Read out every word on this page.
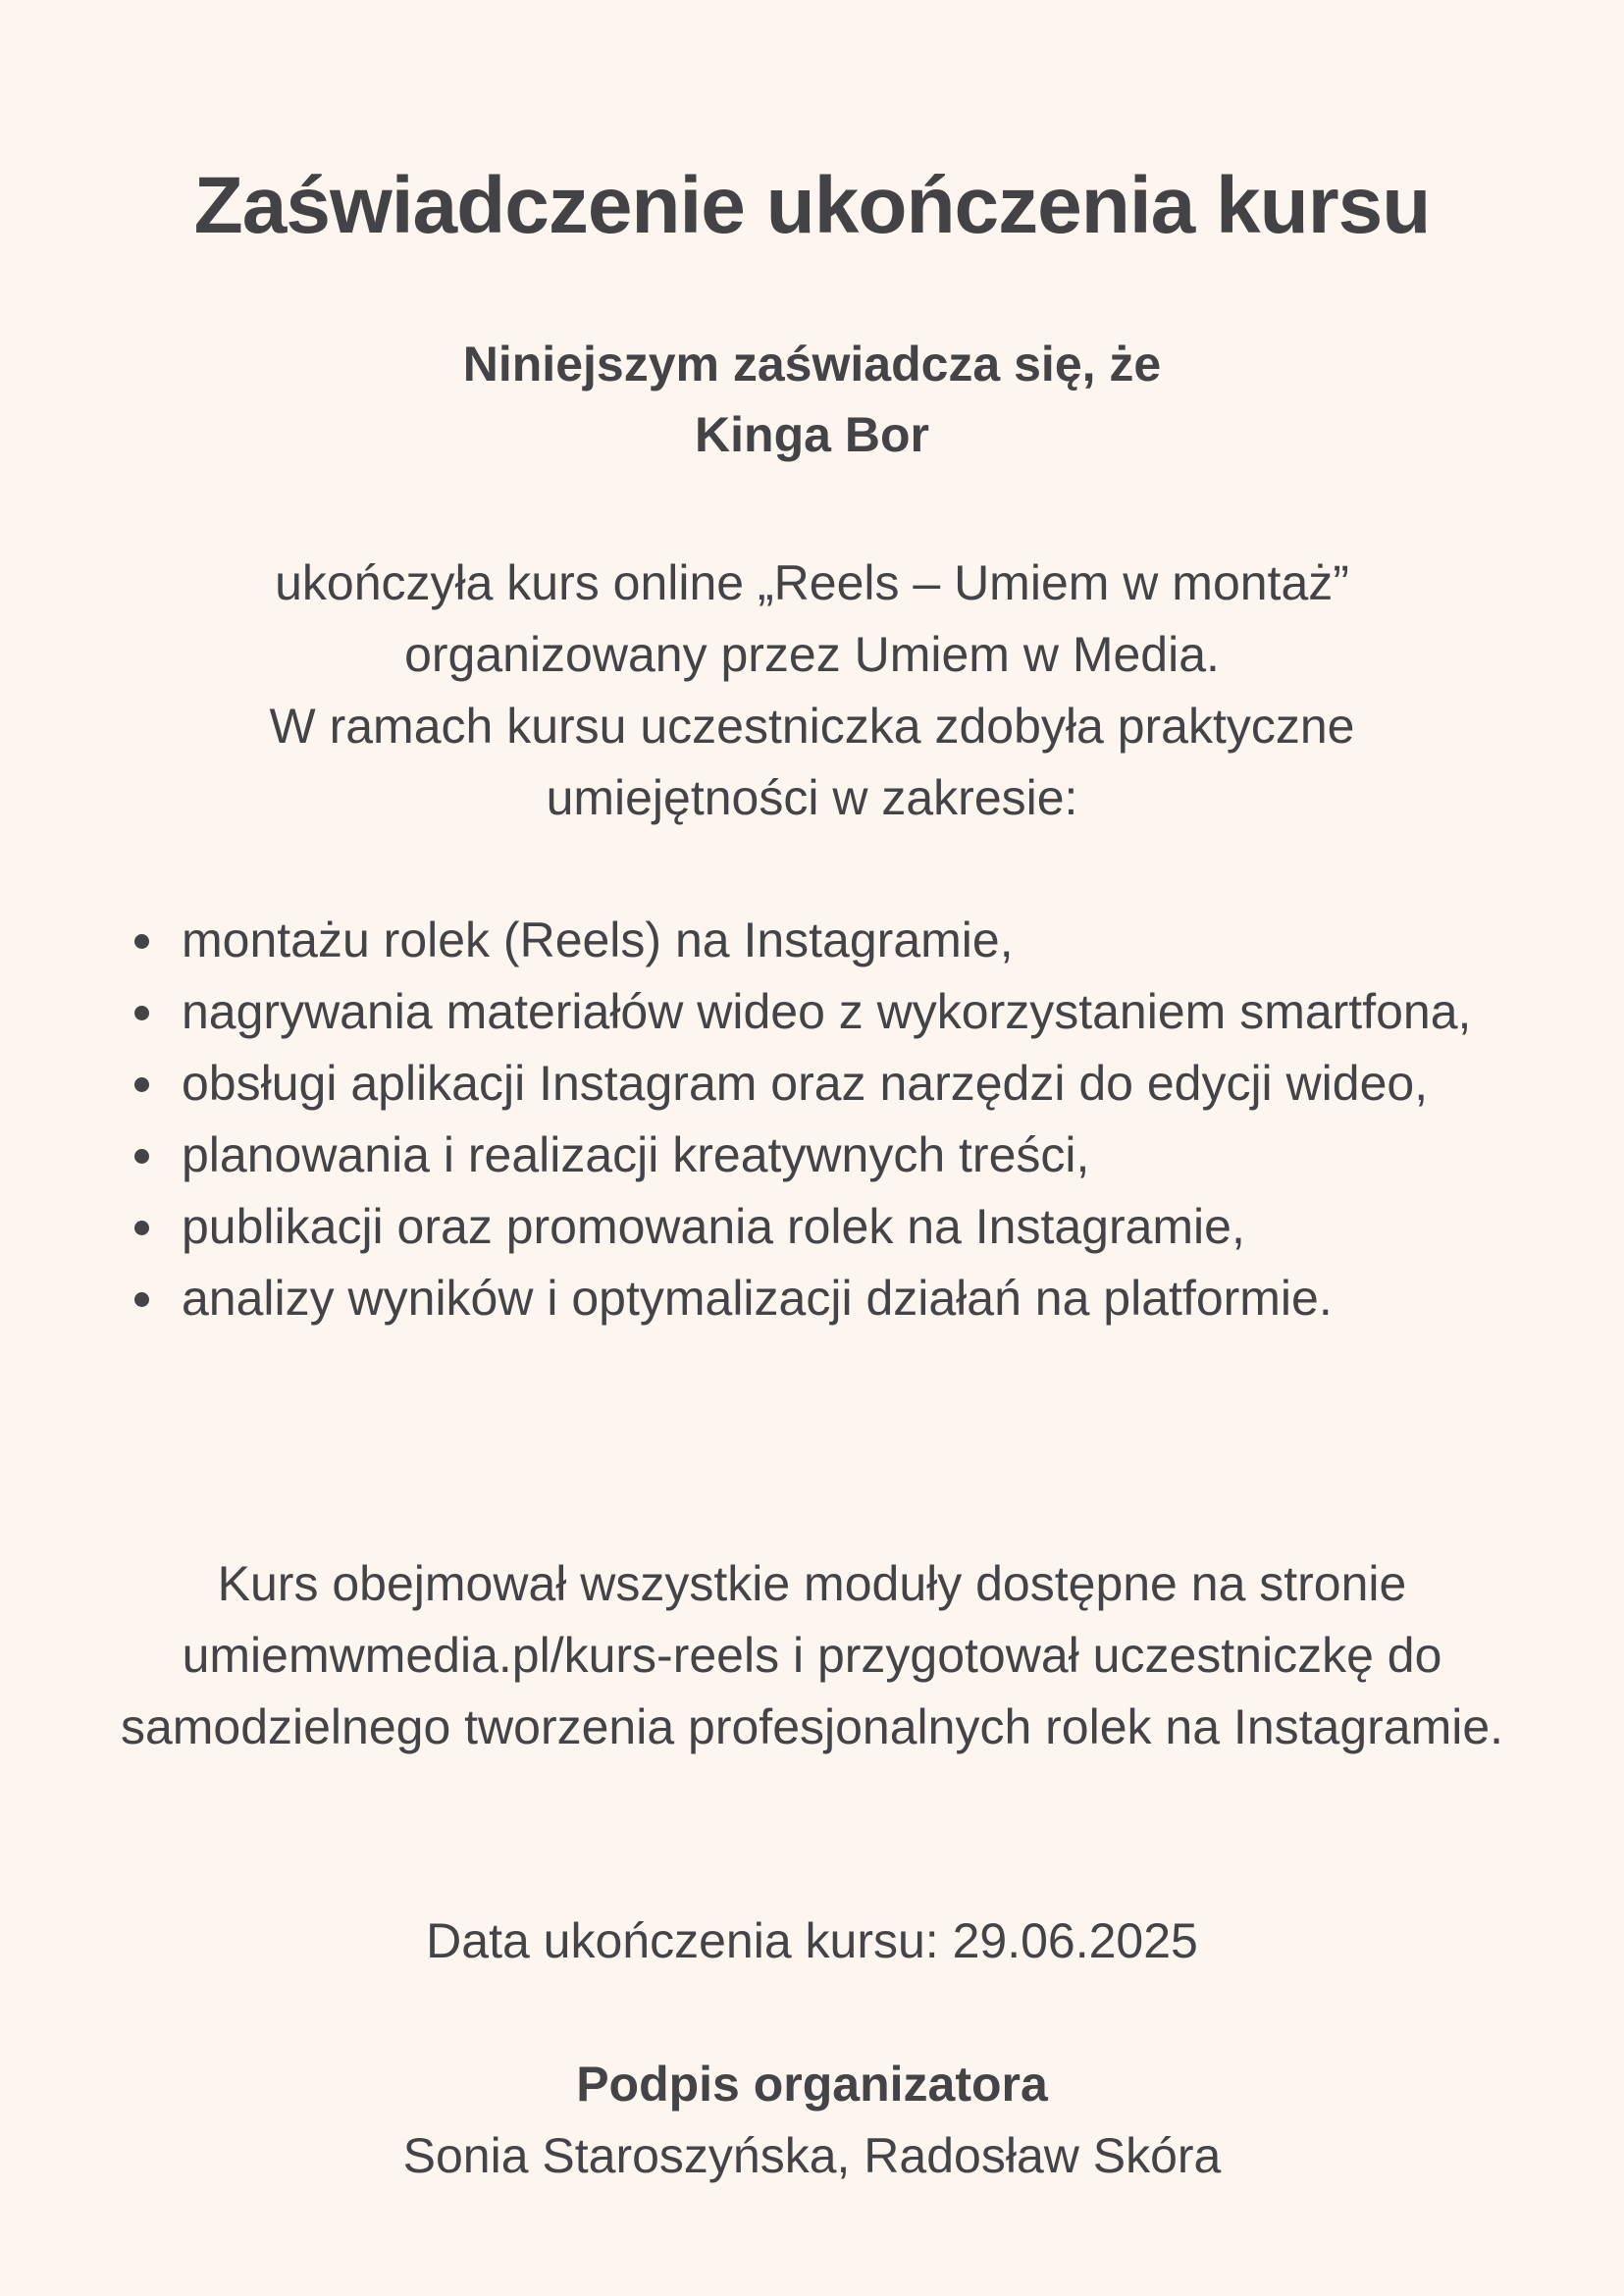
Zaświadczenie ukończenia kursu
Niniejszym zaświadcza się, że
Kinga Bor

ukończyła kurs online „Reels – Umiem w montaż” organizowany przez Umiem w Media.

W ramach kursu uczestniczka zdobyła praktyczne umiejętności w zakresie:

montażu rolek (Reels) na Instagramie,
nagrywania materiałów wideo z wykorzystaniem smartfona,
obsługi aplikacji Instagram oraz narzędzi do edycji wideo,
planowania i realizacji kreatywnych treści,
publikacji oraz promowania rolek na Instagramie,
analizy wyników i optymalizacji działań na platformie.

Kurs obejmował wszystkie moduły dostępne na stronie umiemwmedia.pl/kurs-reels i przygotował uczestniczkę do samodzielnego tworzenia profesjonalnych rolek na Instagramie.

Data ukończenia kursu: 29.06.2025
Podpis organizatora
Sonia Staroszyńska, Radosław Skóra
